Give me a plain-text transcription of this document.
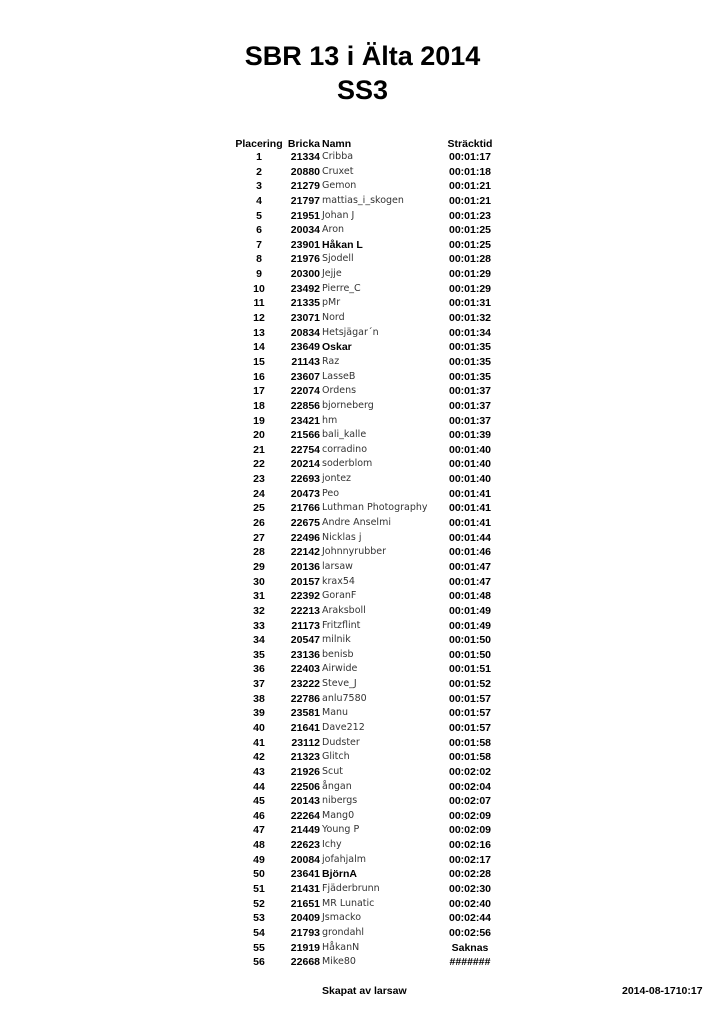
SBR 13 i Älta 2014
SS3
Placering Bricka Namn	Sträcktid
1	21334 Cribba	00:01:17
2	20880 Cruxet	00:01:18
3	21279 Gemon	00:01:21
4	21797 mattias_i_skogen	00:01:21
5	21951 Johan J	00:01:23
6	20034 Aron	00:01:25
7	23901 Håkan L	00:01:25
8	21976 Sjodell	00:01:28
9	20300 Jejje	00:01:29
10	23492 Pierre_C	00:01:29
11	21335 pMr	00:01:31
12	23071 Nord	00:01:32
13	20834 Hetsjägar´n	00:01:34
14	23649 Oskar	00:01:35
15	21143 Raz	00:01:35
16	23607 LasseB	00:01:35
17	22074 Ordens	00:01:37
18	22856 bjorneberg	00:01:37
19	23421 hm	00:01:37
20	21566 bali_kalle	00:01:39
21	22754 corradino	00:01:40
22	20214 soderblom	00:01:40
23	22693 jontez	00:01:40
24	20473 Peo	00:01:41
25	21766 Luthman Photography	00:01:41
26	22675 Andre Anselmi	00:01:41
27	22496 Nicklas j	00:01:44
28	22142 Johnnyrubber	00:01:46
29	20136 larsaw	00:01:47
30	20157 krax54	00:01:47
31	22392 GoranF	00:01:48
32	22213 Araksboll	00:01:49
33	21173 Fritzflint	00:01:49
34	20547 milnik	00:01:50
35	23136 benisb	00:01:50
36	22403 Airwide	00:01:51
37	23222 Steve_J	00:01:52
38	22786 anlu7580	00:01:57
39	23581 Manu	00:01:57
40	21641 Dave212	00:01:57
41	23112 Dudster	00:01:58
42	21323 Glitch	00:01:58
43	21926 Scut	00:02:02
44	22506 ångan	00:02:04
45	20143 nibergs	00:02:07
46	22264 Mang0	00:02:09
47	21449 Young P	00:02:09
48	22623 Ichy	00:02:16
49	20084 jofahjalm	00:02:17
50	23641 BjörnA	00:02:28
51	21431 Fjäderbrunn	00:02:30
52	21651 MR Lunatic	00:02:40
53	20409 Jsmacko	00:02:44
54	21793 grondahl	00:02:56
55	21919 HåkanN	Saknas
56	22668 Mike80	#######
Skapat av larsaw	2014-08-1710:17
